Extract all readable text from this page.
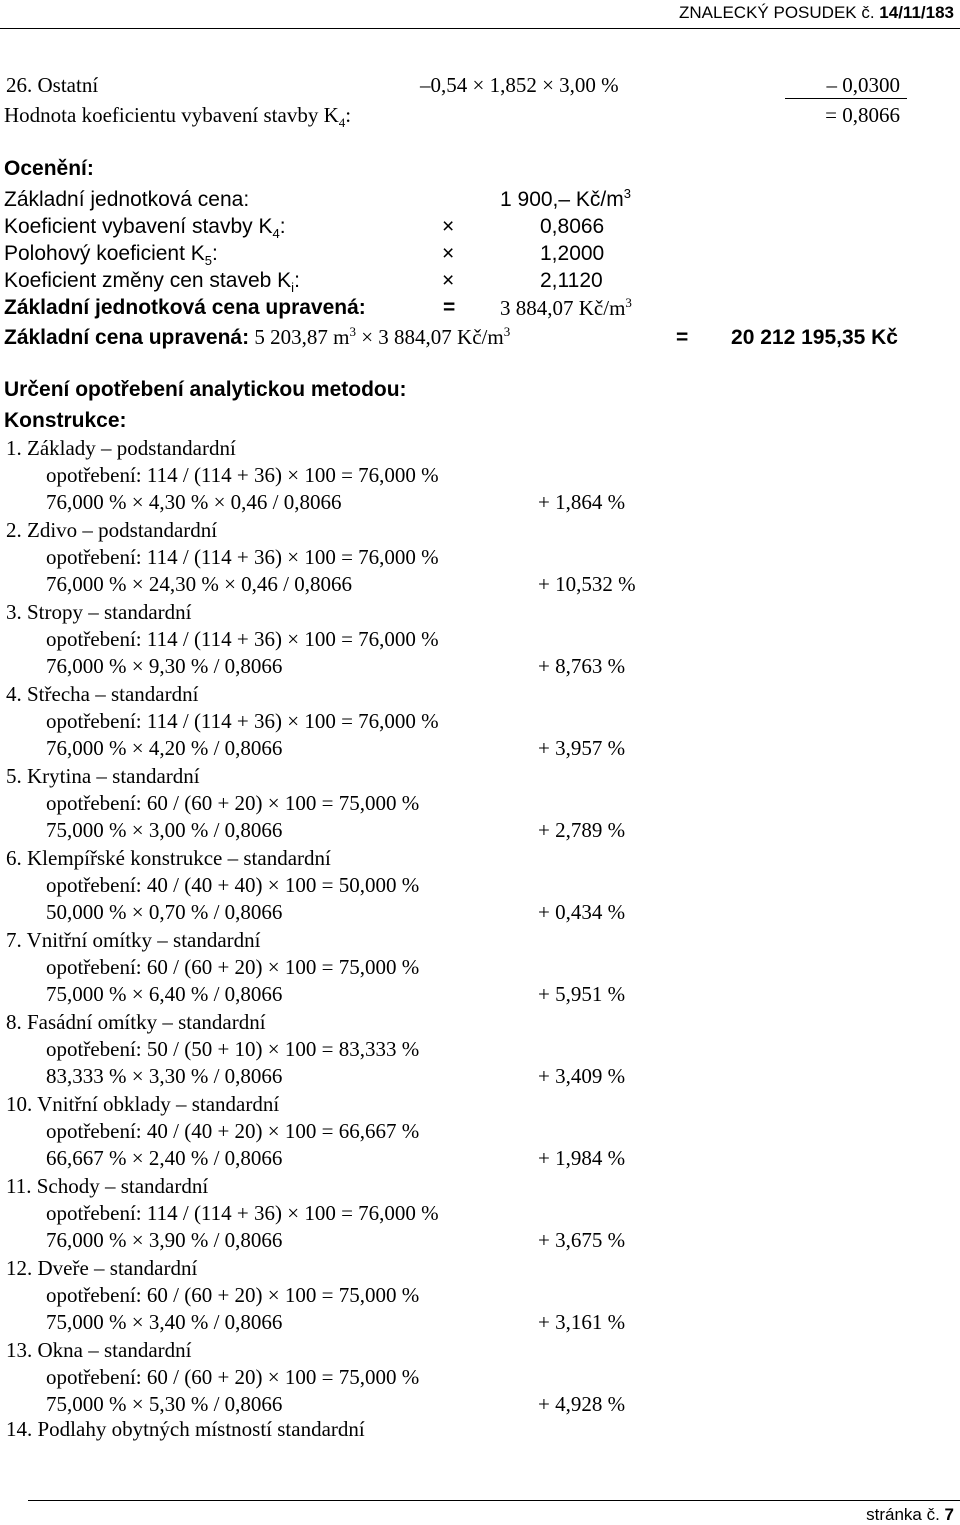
ZNALECKÝ POSUDEK č. 14/11/183
26. Ostatní	–0,54 × 1,852 × 3,00 %	– 0,0300
Hodnota koeficientu vybavení stavby $K_4$:	= 0,8066
Ocenění:
Základní jednotková cena:	1 900,– $Kč/m^3$
Koeficient vybavení stavby $K_4$:	×	0,8066
Polohový koeficient $K_5$:	×	1,2000
Koeficient změny cen staveb $K_i$:	×	2,1120
Základní jednotková cena upravená:	= 3 884,07 $Kč/m^3$
Základní cena upravená: 5 203,87 $m^3 \times 3$ 884,07 $Kč/m^3$	= 20 212 195,35 Kč
Určení opotřebení analytickou metodou:
Konstrukce:
1. Základy – podstandardní
opotřebení: 114 / (114 + 36) × 100 = 76,000 %
76,000 % × 4,30 % × 0,46 / 0,8066	+ 1,864 %
2. Zdivo – podstandardní
opotřebení: 114 / (114 + 36) × 100 = 76,000 %
76,000 % × 24,30 % × 0,46 / 0,8066	+ 10,532 %
3. Stropy – standardní
opotřebení: 114 / (114 + 36) × 100 = 76,000 %
76,000 % × 9,30 % / 0,8066	+ 8,763 %
4. Střecha – standardní
opotřebení: 114 / (114 + 36) × 100 = 76,000 %
76,000 % × 4,20 % / 0,8066	+ 3,957 %
5. Krytina – standardní
opotřebení: 60 / (60 + 20) × 100 = 75,000 %
75,000 % × 3,00 % / 0,8066	+ 2,789 %
6. Klempířské konstrukce – standardní
opotřebení: 40 / (40 + 40) × 100 = 50,000 %
50,000 % × 0,70 % / 0,8066	+ 0,434 %
7. Vnitřní omítky – standardní
opotřebení: 60 / (60 + 20) × 100 = 75,000 %
75,000 % × 6,40 % / 0,8066	+ 5,951 %
8. Fasádní omítky – standardní
opotřebení: 50 / (50 + 10) × 100 = 83,333 %
83,333 % × 3,30 % / 0,8066	+ 3,409 %
10. Vnitřní obklady – standardní
opotřebení: 40 / (40 + 20) × 100 = 66,667 %
66,667 % × 2,40 % / 0,8066	+ 1,984 %
11. Schody – standardní
opotřebení: 114 / (114 + 36) × 100 = 76,000 %
76,000 % × 3,90 % / 0,8066	+ 3,675 %
12. Dveře – standardní
opotřebení: 60 / (60 + 20) × 100 = 75,000 %
75,000 % × 3,40 % / 0,8066	+ 3,161 %
13. Okna – standardní
opotřebení: 60 / (60 + 20) × 100 = 75,000 %
75,000 % × 5,30 % / 0,8066	+ 4,928 %
14. Podlahy obytných místností standardní
stránka č. 7
